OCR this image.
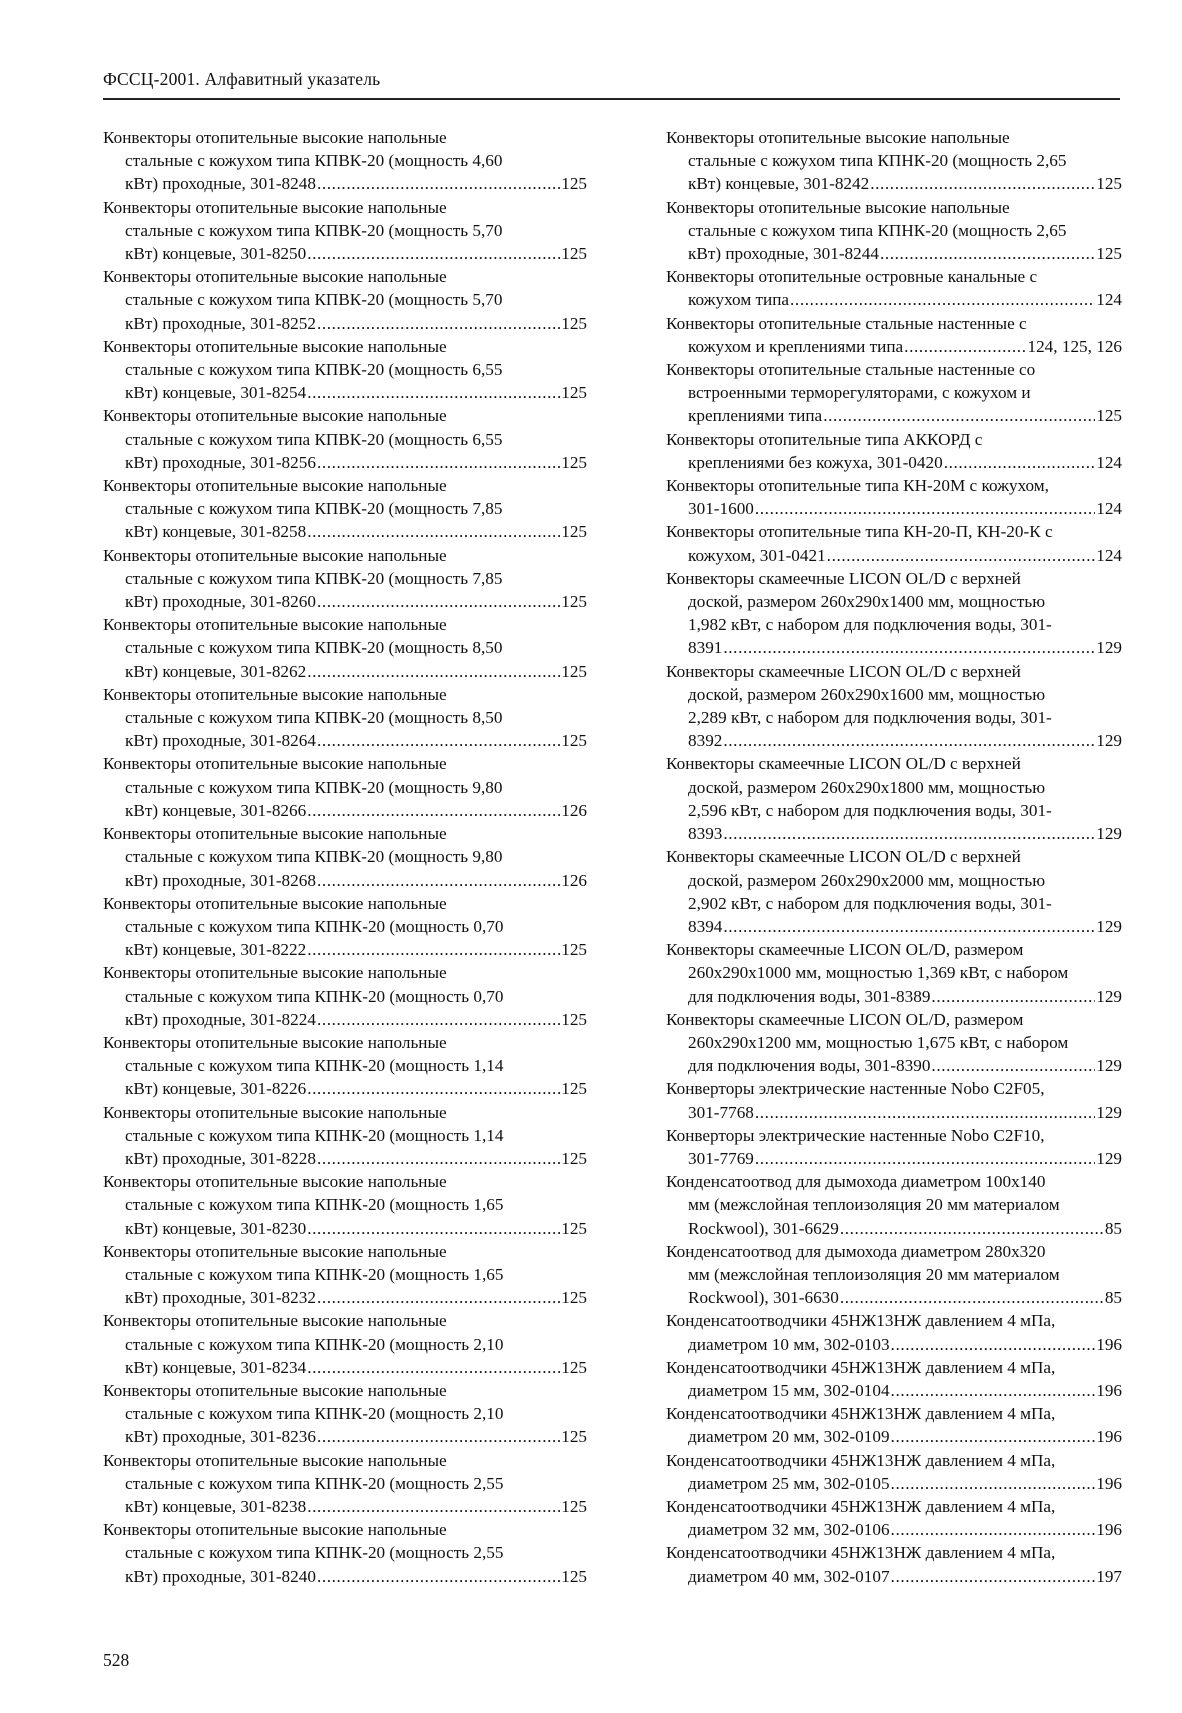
ФССЦ-2001. Алфавитный указатель
Конвекторы отопительные высокие напольные
стальные с кожухом типа КПВК-20 (мощность 4,60
кВт) проходные, 301-8248 .....	125
Конвекторы отопительные высокие напольные
стальные с кожухом типа КПВК-20 (мощность 5,70
кВт) концевые, 301-8250 .....	125
Конвекторы отопительные высокие напольные
стальные с кожухом типа КПВК-20 (мощность 5,70
кВт) проходные, 301-8252 .....	125
Конвекторы отопительные высокие напольные
стальные с кожухом типа КПВК-20 (мощность 6,55
кВт) концевые, 301-8254 .....	125
Конвекторы отопительные высокие напольные
стальные с кожухом типа КПВК-20 (мощность 6,55
кВт) проходные, 301-8256 .....	125
Конвекторы отопительные высокие напольные
стальные с кожухом типа КПВК-20 (мощность 7,85
кВт) концевые, 301-8258 .....	125
Конвекторы отопительные высокие напольные
стальные с кожухом типа КПВК-20 (мощность 7,85
кВт) проходные, 301-8260 .....	125
Конвекторы отопительные высокие напольные
стальные с кожухом типа КПВК-20 (мощность 8,50
кВт) концевые, 301-8262 .....	125
Конвекторы отопительные высокие напольные
стальные с кожухом типа КПВК-20 (мощность 8,50
кВт) проходные, 301-8264 .....	125
Конвекторы отопительные высокие напольные
стальные с кожухом типа КПВК-20 (мощность 9,80
кВт) концевые, 301-8266 .....	126
Конвекторы отопительные высокие напольные
стальные с кожухом типа КПВК-20 (мощность 9,80
кВт) проходные, 301-8268 .....	126
Конвекторы отопительные высокие напольные
стальные с кожухом типа КПНК-20 (мощность 0,70
кВт) концевые, 301-8222 .....	125
Конвекторы отопительные высокие напольные
стальные с кожухом типа КПНК-20 (мощность 0,70
кВт) проходные, 301-8224 .....	125
Конвекторы отопительные высокие напольные
стальные с кожухом типа КПНК-20 (мощность 1,14
кВт) концевые, 301-8226 .....	125
Конвекторы отопительные высокие напольные
стальные с кожухом типа КПНК-20 (мощность 1,14
кВт) проходные, 301-8228 .....	125
Конвекторы отопительные высокие напольные
стальные с кожухом типа КПНК-20 (мощность 1,65
кВт) концевые, 301-8230 .....	125
Конвекторы отопительные высокие напольные
стальные с кожухом типа КПНК-20 (мощность 1,65
кВт) проходные, 301-8232 .....	125
Конвекторы отопительные высокие напольные
стальные с кожухом типа КПНК-20 (мощность 2,10
кВт) концевые, 301-8234 .....	125
Конвекторы отопительные высокие напольные
стальные с кожухом типа КПНК-20 (мощность 2,10
кВт) проходные, 301-8236 .....	125
Конвекторы отопительные высокие напольные
стальные с кожухом типа КПНК-20 (мощность 2,55
кВт) концевые, 301-8238 .....	125
Конвекторы отопительные высокие напольные
стальные с кожухом типа КПНК-20 (мощность 2,55
кВт) проходные, 301-8240 .....	125
Конвекторы отопительные высокие напольные
стальные с кожухом типа КПНК-20 (мощность 2,65
кВт) концевые, 301-8242 .....	125
Конвекторы отопительные высокие напольные
стальные с кожухом типа КПНК-20 (мощность 2,65
кВт) проходные, 301-8244 .....	125
Конвекторы отопительные островные канальные с
кожухом типа .....	124
Конвекторы отопительные стальные настенные с
кожухом и креплениями типа .....	124, 125, 126
Конвекторы отопительные стальные настенные со
встроенными терморегуляторами, с кожухом и
креплениями типа .....	125
Конвекторы отопительные типа АККОРД с
креплениями без кожуха, 301-0420 .....	124
Конвекторы отопительные типа КН-20М с кожухом,
301-1600 .....	124
Конвекторы отопительные типа КН-20-П, КН-20-К с
кожухом, 301-0421 .....	124
Конвекторы скамеечные LICON OL/D с верхней
доской, размером 260x290x1400 мм, мощностью
1,982 кВт, с набором для подключения воды, 301-
8391 .....	129
Конвекторы скамеечные LICON OL/D с верхней
доской, размером 260x290x1600 мм, мощностью
2,289 кВт, с набором для подключения воды, 301-
8392 .....	129
Конвекторы скамеечные LICON OL/D с верхней
доской, размером 260x290x1800 мм, мощностью
2,596 кВт, с набором для подключения воды, 301-
8393 .....	129
Конвекторы скамеечные LICON OL/D с верхней
доской, размером 260x290x2000 мм, мощностью
2,902 кВт, с набором для подключения воды, 301-
8394 .....	129
Конвекторы скамеечные LICON OL/D, размером
260x290x1000 мм, мощностью 1,369 кВт, с набором
для подключения воды, 301-8389 .....	129
Конвекторы скамеечные LICON OL/D, размером
260x290x1200 мм, мощностью 1,675 кВт, с набором
для подключения воды, 301-8390 .....	129
Конверторы электрические настенные Nobo C2F05,
301-7768 .....	129
Конверторы электрические настенные Nobo C2F10,
301-7769 .....	129
Конденсатоотвод для дымохода диаметром 100x140
мм (межслойная теплоизоляция 20 мм материалом
Rockwool), 301-6629 .....	85
Конденсатоотвод для дымохода диаметром 280x320
мм (межслойная теплоизоляция 20 мм материалом
Rockwool), 301-6630 .....	85
Конденсатоотводчики 45НЖ13НЖ давлением 4 мПа,
диаметром 10 мм, 302-0103 .....	196
Конденсатоотводчики 45НЖ13НЖ давлением 4 мПа,
диаметром 15 мм, 302-0104 .....	196
Конденсатоотводчики 45НЖ13НЖ давлением 4 мПа,
диаметром 20 мм, 302-0109 .....	196
Конденсатоотводчики 45НЖ13НЖ давлением 4 мПа,
диаметром 25 мм, 302-0105 .....	196
Конденсатоотводчики 45НЖ13НЖ давлением 4 мПа,
диаметром 32 мм, 302-0106 .....	196
Конденсатоотводчики 45НЖ13НЖ давлением 4 мПа,
диаметром 40 мм, 302-0107 .....	197
528
